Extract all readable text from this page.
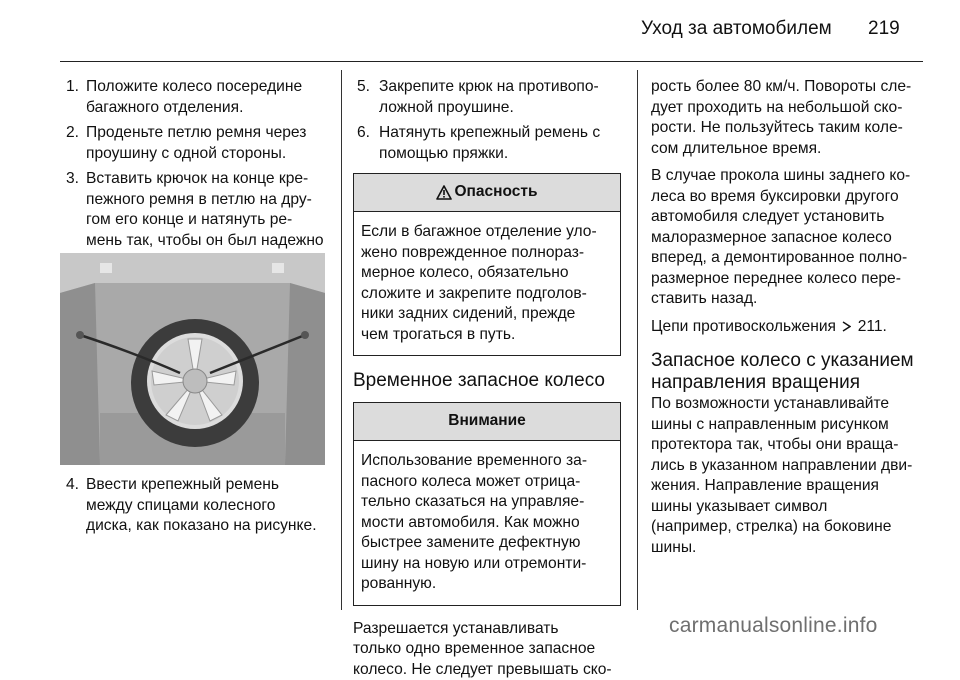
Уход за автомобилем 219
1. Положите колесо посередине
багажного отделения.
2. Проденьте петлю ремня через
проушину с одной стороны.
3. Вставить крючок на конце кре-
пежного ремня в петлю на дру-
гом его конце и натянуть ре-
мень так, чтобы он был надежно
4. Ввести крепежный ремень
между спицами колесного
диска, как показано на рисунке.
5. Закрепите крюк на противопо-
ложной проушине.
6. Натянуть крепежный ремень с
помощью пряжки.
Опасность
Если в багажное отделение уло-
жено поврежденное полнораз-
мерное колесо, обязательно
сложите и закрепите подголов-
ники задних сидений, прежде
чем трогаться в путь.
Временное запасное колесо
Внимание
Использование временного за-
пасного колеса может отрица-
тельно сказаться на управляе-
мости автомобиля. Как можно
быстрее замените дефектную
шину на новую или отремонти-
рованную.
Разрешается устанавливать
только одно временное запасное
колесо. Не следует превышать ско-
рость более 80 км/ч. Повороты сле-
дует проходить на небольшой ско-
рости. Не пользуйтесь таким коле-
сом длительное время.
В случае прокола шины заднего ко-
леса во время буксировки другого
автомобиля следует установить
малоразмерное запасное колесо
вперед, а демонтированное полно-
размерное переднее колесо пере-
ставить назад.
Цепи противоскольжения 211.
Запасное колесо с указанием
направления вращения
По возможности устанавливайте
шины с направленным рисунком
протектора так, чтобы они враща-
лись в указанном направлении дви-
жения. Направление вращения
шины указывает символ
(например, стрелка) на боковине
шины.
carmanualsonline.info
